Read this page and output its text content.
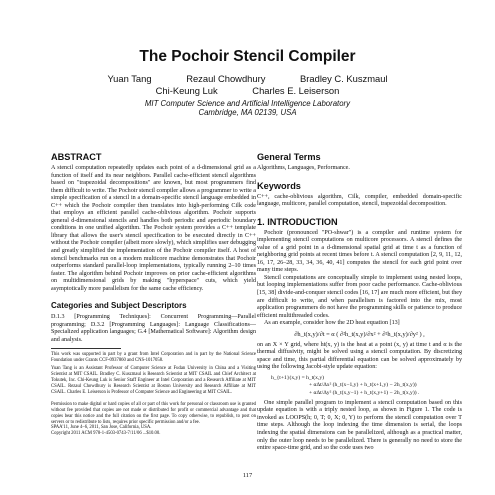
The Pochoir Stencil Compiler
Yuan Tang	Rezaul Chowdhury	Bradley C. Kuszmaul
Chi-Keung Luk	Charles E. Leiserson
MIT Computer Science and Artificial Intelligence Laboratory
Cambridge, MA 02139, USA
ABSTRACT

A stencil computation repeatedly updates each point of a d-dimensional grid as a function of itself and its near neighbors. Parallel cache-efficient stencil algorithms based on "trapezoidal decompositions" are known, but most programmers find them difficult to write. The Pochoir stencil compiler allows a programmer to write a simple specification of a stencil in a domain-specific stencil language embedded in C++ which the Pochoir compiler then translates into high-performing Cilk code that employs an efficient parallel cache-oblivious algorithm. Pochoir supports general d-dimensional stencils and handles both periodic and aperiodic boundary conditions in one unified algorithm. The Pochoir system provides a C++ template library that allows the user's stencil specification to be executed directly in C++ without the Pochoir compiler (albeit more slowly), which simplifies user debugging and greatly simplified the implementation of the Pochoir compiler itself. A host of stencil benchmarks run on a modern multicore machine demonstrates that Pochoir outperforms standard parallel-loop implementations, typically running 2–10 times faster. The algorithm behind Pochoir improves on prior cache-efficient algorithms on multidimensional grids by making "hyperspace" cuts, which yield asymptotically more parallelism for the same cache efficiency.

Categories and Subject Descriptors

D.1.3 [Programming Techniques]: Concurrent Programming—Parallel programming; D.3.2 [Programming Languages]: Language Classifications—Specialized application languages; G.4 [Mathematical Software]: Algorithm design and analysis.

This work was supported in part by a grant from Intel Corporation and in part by the National Science Foundation under Grants CCF-0937860 and CNS-1017058.

Yuan Tang is an Assistant Professor of Computer Science at Fudan University in China and a Visiting Scientist at MIT CSAIL. Bradley C. Kuszmaul is Research Scientist at MIT CSAIL and Chief Architect at Tokutek, Inc. Chi-Keung Luk is Senior Staff Engineer at Intel Corporation and a Research Affiliate at MIT CSAIL. Rezaul Chowdhury is Research Scientist at Boston University and Research Affiliate at MIT CSAIL. Charles E. Leiserson is Professor of Computer Science and Engineering at MIT CSAIL.

Permission to make digital or hard copies of all or part of this work for personal or classroom use is granted without fee provided that copies are not made or distributed for profit or commercial advantage and that copies bear this notice and the full citation on the first page. To copy otherwise, to republish, to post on servers or to redistribute to lists, requires prior specific permission and/or a fee.

SPAA'11, June 4–6, 2011, San Jose, California, USA.

Copyright 2011 ACM 978-1-4503-0743-7/11/06 ...$10.00.

General Terms

Algorithms, Languages, Performance.

Keywords

C++, cache-oblivious algorithm, Cilk, compiler, embedded domain-specific language, multicore, parallel computation, stencil, trapezoidal decomposition.

1. INTRODUCTION

Pochoir (pronounced "PO-shwar") is a compiler and runtime system for implementing stencil computations on multicore processors. A stencil defines the value of a grid point in a d-dimensional spatial grid at time t as a function of neighboring grid points at recent times before t. A stencil computation [2, 9, 11, 12, 16, 17, 26–28, 33, 34, 36, 40, 41] computes the stencil for each grid point over many time steps.

Stencil computations are conceptually simple to implement using nested loops, but looping implementations suffer from poor cache performance. Cache-oblivious [15, 38] divide-and-conquer stencil codes [16, 17] are much more efficient, but they are difficult to write, and when parallelism is factored into the mix, most application programmers do not have the programming skills or patience to produce efficient multithreaded codes.

As an example, consider how the 2D heat equation [13]

∂h_t(x,y)/∂t = α ( ∂²h_t(x,y)/∂x² + ∂²h_t(x,y)/∂y² ) ,

on an X × Y grid, where ht(x, y) is the heat at a point (x, y) at time t and α is the thermal diffusivity, might be solved using a stencil computation. By discretizing space and time, this partial differential equation can be solved approximately by using the following Jacobi-style update equation:

h_{t+1}(x,y) = h_t(x,y)
+ αΔt/Δx² (h_t(x−1,y) + h_t(x+1,y) − 2h_t(x,y))
+ αΔt/Δy² (h_t(x,y−1) + h_t(x,y+1) − 2h_t(x,y)) .

One simple parallel program to implement a stencil computation based on this update equation is with a triply nested loop, as shown in Figure 1. The code is invoked as LOOPS(h; 0, T; 0, X; 0, Y) to perform the stencil computation over T time steps. Although the loop indexing the time dimension is serial, the loops indexing the spatial dimensions can be parallelized, although as a practical matter, only the outer loop needs to be parallelized. There is generally no need to store the entire space-time grid, and so the code uses two

117
